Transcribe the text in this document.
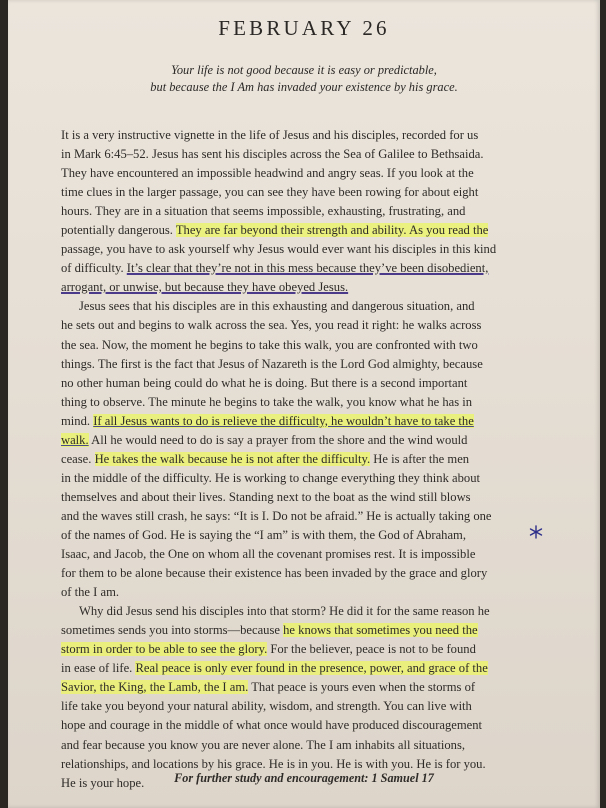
FEBRUARY 26
Your life is not good because it is easy or predictable,
but because the I Am has invaded your existence by his grace.
It is a very instructive vignette in the life of Jesus and his disciples, recorded for us
in Mark 6:45–52. Jesus has sent his disciples across the Sea of Galilee to Bethsaida.
They have encountered an impossible headwind and angry seas. If you look at the
time clues in the larger passage, you can see they have been rowing for about eight
hours. They are in a situation that seems impossible, exhausting, frustrating, and
potentially dangerous. They are far beyond their strength and ability. As you read the
passage, you have to ask yourself why Jesus would ever want his disciples in this kind
of difficulty. It’s clear that they’re not in this mess because they’ve been disobedient,
arrogant, or unwise, but because they have obeyed Jesus.
Jesus sees that his disciples are in this exhausting and dangerous situation, and
he sets out and begins to walk across the sea. Yes, you read it right: he walks across
the sea. Now, the moment he begins to take this walk, you are confronted with two
things. The first is the fact that Jesus of Nazareth is the Lord God almighty, because
no other human being could do what he is doing. But there is a second important
thing to observe. The minute he begins to take the walk, you know what he has in
mind. If all Jesus wants to do is relieve the difficulty, he wouldn’t have to take the
walk. All he would need to do is say a prayer from the shore and the wind would
cease. He takes the walk because he is not after the difficulty. He is after the men
in the middle of the difficulty. He is working to change everything they think about
themselves and about their lives. Standing next to the boat as the wind still blows
and the waves still crash, he says: “It is I. Do not be afraid.” He is actually taking one
of the names of God. He is saying the “I am” is with them, the God of Abraham,
Isaac, and Jacob, the One on whom all the covenant promises rest. It is impossible
for them to be alone because their existence has been invaded by the grace and glory
of the I am.
Why did Jesus send his disciples into that storm? He did it for the same reason he
sometimes sends you into storms—because he knows that sometimes you need the
storm in order to be able to see the glory. For the believer, peace is not to be found
in ease of life. Real peace is only ever found in the presence, power, and grace of the
Savior, the King, the Lamb, the I am. That peace is yours even when the storms of
life take you beyond your natural ability, wisdom, and strength. You can live with
hope and courage in the middle of what once would have produced discouragement
and fear because you know you are never alone. The I am inhabits all situations,
relationships, and locations by his grace. He is in you. He is with you. He is for you.
He is your hope.	For further study and encouragement: 1 Samuel 17
